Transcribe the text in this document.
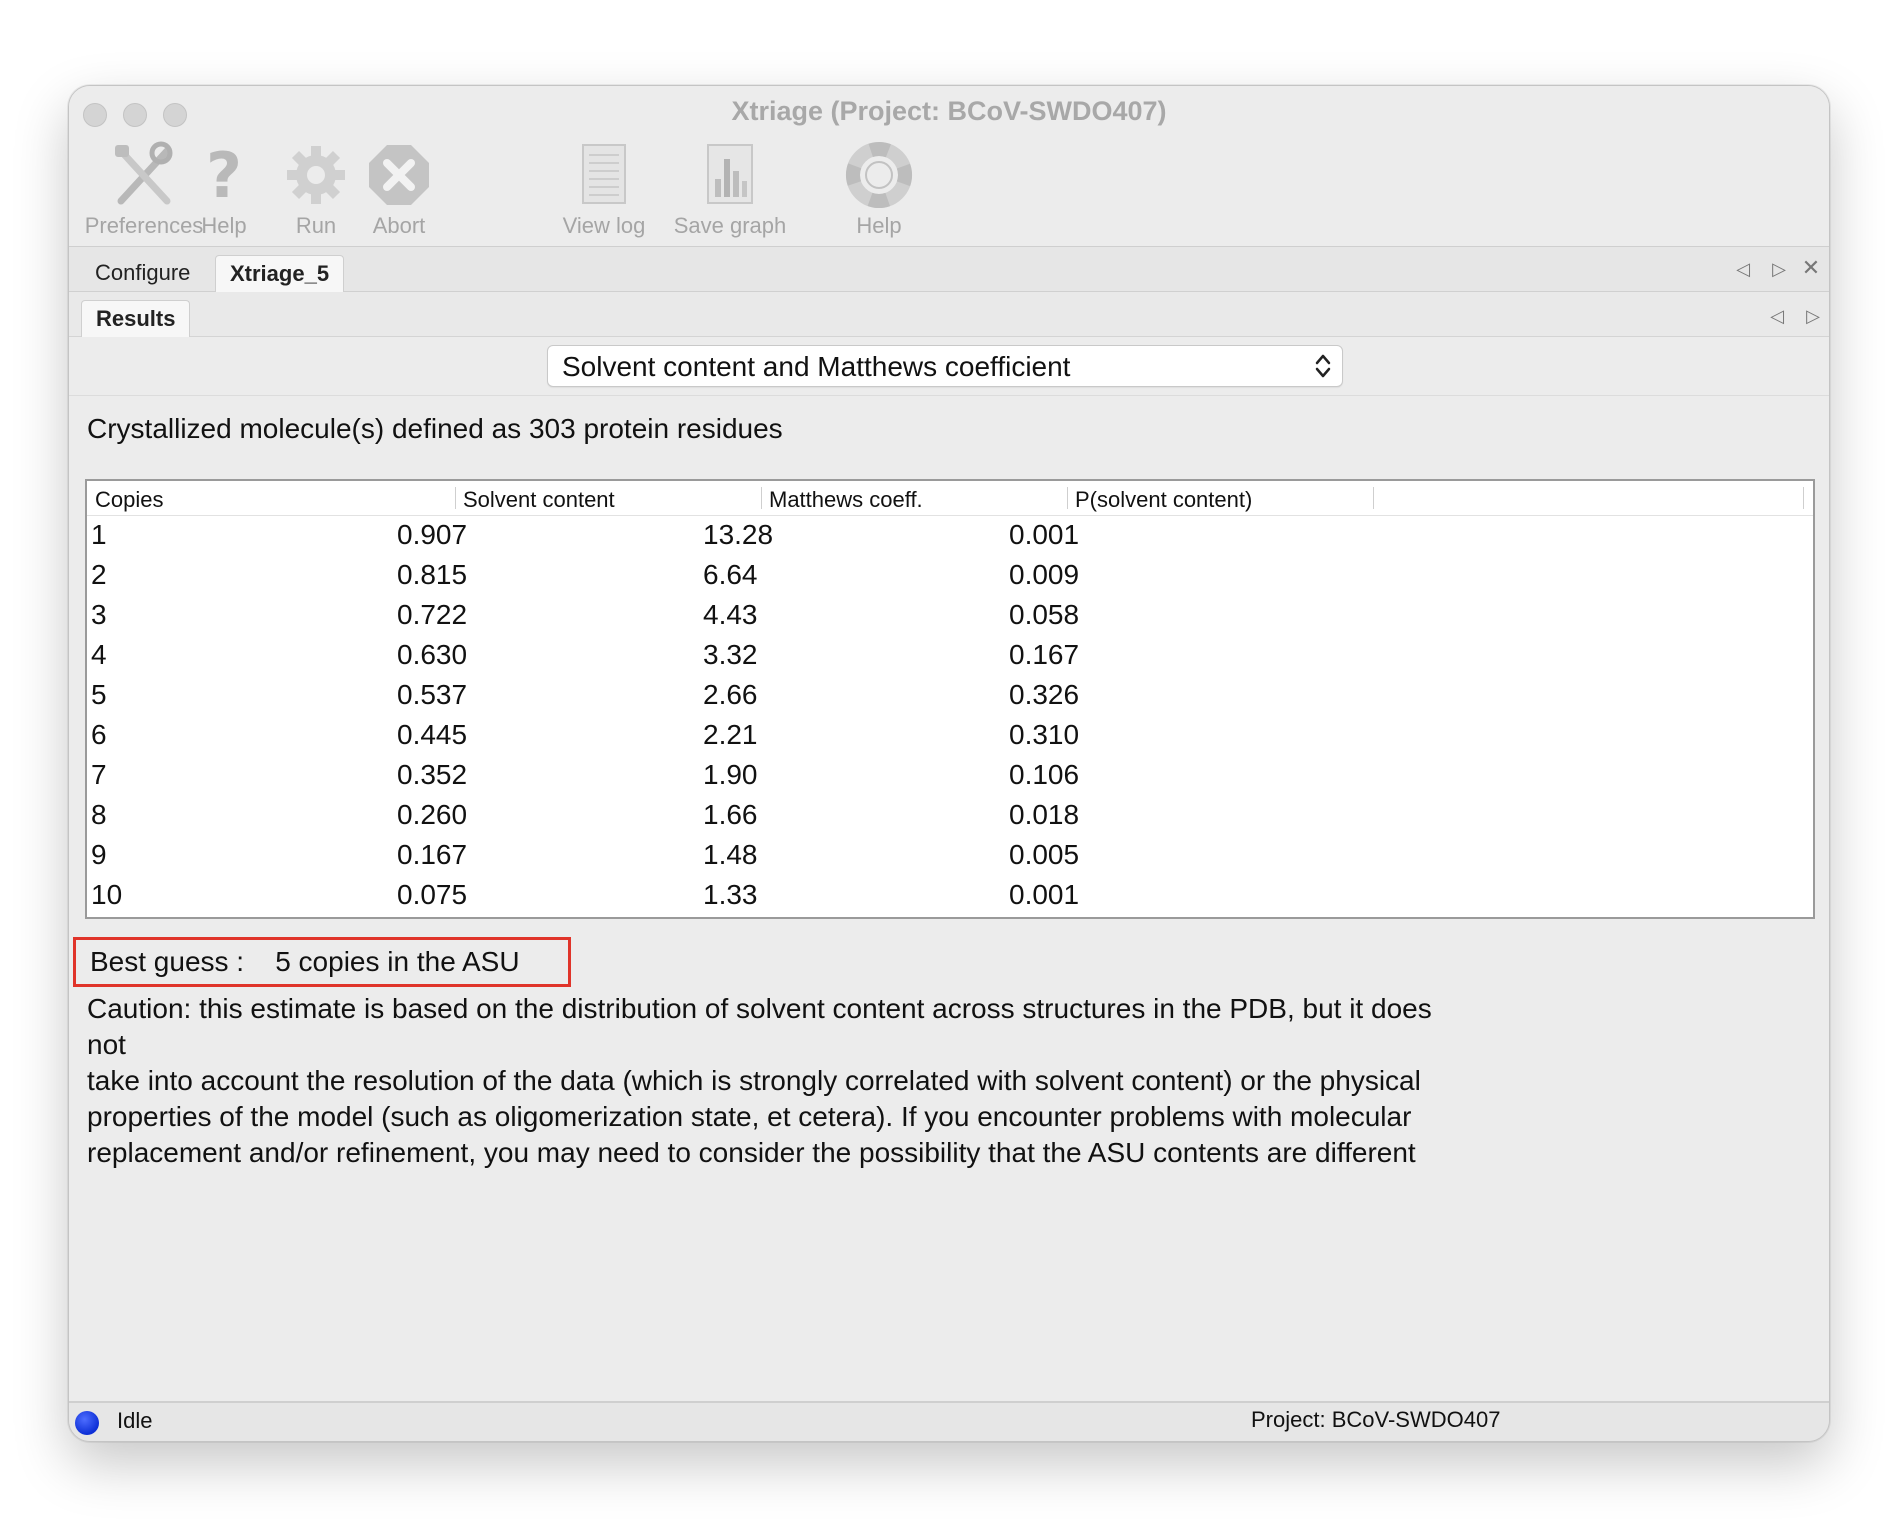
Xtriage (Project: BCoV-SWDO407)
Preferences
?
Help	Run	Abort	View log	Save graph	Help
Configure	Xtriage_5	◁ ▷ ✕
Results	◁ ▷
Solvent content and Matthews coefficient
Crystallized molecule(s) defined as 303 protein residues
Copies	Solvent content	Matthews coeff.	P(solvent content)
1	0.907	13.28	0.001
2	0.815	6.64	0.009
3	0.722	4.43	0.058
4	0.630	3.32	0.167
5	0.537	2.66	0.326
6	0.445	2.21	0.310
7	0.352	1.90	0.106
8	0.260	1.66	0.018
9	0.167	1.48	0.005
10	0.075	1.33	0.001
Best guess :    5 copies in the ASU
Caution: this estimate is based on the distribution of solvent content across structures in the PDB, but it does
not
take into account the resolution of the data (which is strongly correlated with solvent content) or the physical
properties of the model (such as oligomerization state, et cetera). If you encounter problems with molecular
replacement and/or refinement, you may need to consider the possibility that the ASU contents are different
Idle	Project: BCoV-SWDO407
